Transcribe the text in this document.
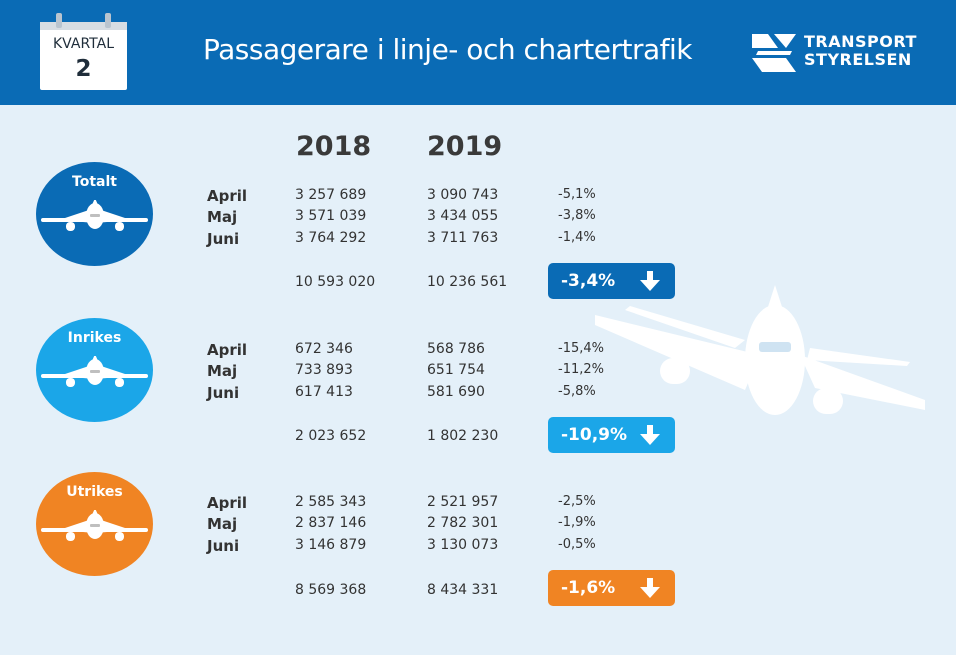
KVARTAL
2
Passagerare i linje- och chartertrafik	TRANSPORT
STYRELSEN
2018 2019
Totalt
April	3 257 689	3 090 743	-5,1%
Maj	3 571 039	3 434 055	-3,8%
Juni	3 764 292	3 711 763	-1,4%
10 593 020	10 236 561	-3,4%
Inrikes
April	672 346	568 786	-15,4%
Maj	733 893	651 754	-11,2%
Juni	617 413	581 690	-5,8%
2 023 652	1 802 230	-10,9%
Utrikes
April	2 585 343	2 521 957	-2,5%
Maj	2 837 146	2 782 301	-1,9%
Juni	3 146 879	3 130 073	-0,5%
8 569 368	8 434 331	-1,6%
